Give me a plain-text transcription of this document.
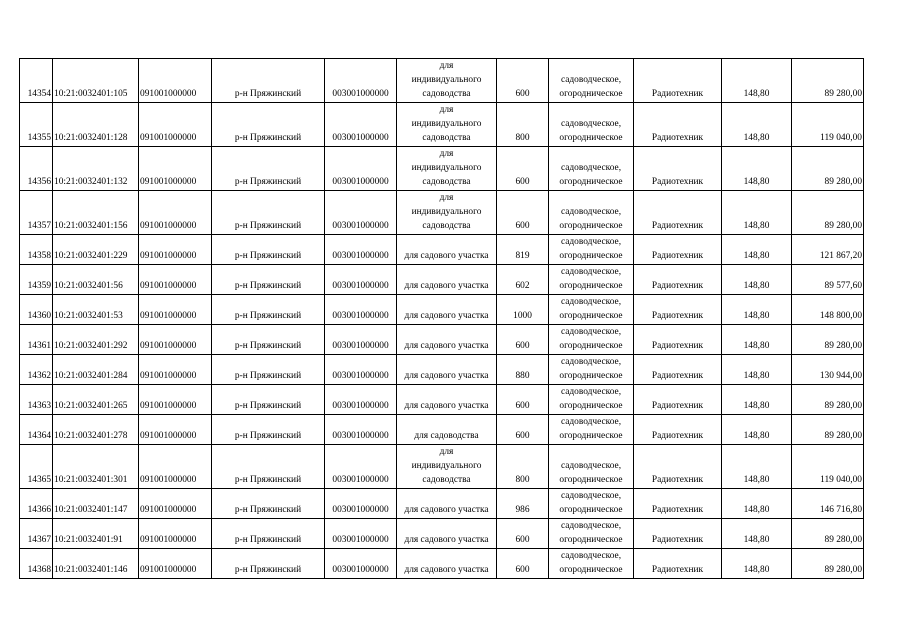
14354	10:21:0032401:105	091001000000	р-н Пряжинский	003001000000	для
индивидуального
садоводства	600	садоводческое,
огородническое	Радиотехник	148,80	89 280,00
14355	10:21:0032401:128	091001000000	р-н Пряжинский	003001000000	для
индивидуального
садоводства	800	садоводческое,
огородническое	Радиотехник	148,80	119 040,00
14356	10:21:0032401:132	091001000000	р-н Пряжинский	003001000000	для
индивидуального
садоводства	600	садоводческое,
огородническое	Радиотехник	148,80	89 280,00
14357	10:21:0032401:156	091001000000	р-н Пряжинский	003001000000	для
индивидуального
садоводства	600	садоводческое,
огородническое	Радиотехник	148,80	89 280,00
14358	10:21:0032401:229	091001000000	р-н Пряжинский	003001000000	для садового участка	819	садоводческое,
огородническое	Радиотехник	148,80	121 867,20
14359	10:21:0032401:56	091001000000	р-н Пряжинский	003001000000	для садового участка	602	садоводческое,
огородническое	Радиотехник	148,80	89 577,60
14360	10:21:0032401:53	091001000000	р-н Пряжинский	003001000000	для садового участка	1000	садоводческое,
огородническое	Радиотехник	148,80	148 800,00
14361	10:21:0032401:292	091001000000	р-н Пряжинский	003001000000	для садового участка	600	садоводческое,
огородническое	Радиотехник	148,80	89 280,00
14362	10:21:0032401:284	091001000000	р-н Пряжинский	003001000000	для садового участка	880	садоводческое,
огородническое	Радиотехник	148,80	130 944,00
14363	10:21:0032401:265	091001000000	р-н Пряжинский	003001000000	для садового участка	600	садоводческое,
огородническое	Радиотехник	148,80	89 280,00
14364	10:21:0032401:278	091001000000	р-н Пряжинский	003001000000	для садоводства	600	садоводческое,
огородническое	Радиотехник	148,80	89 280,00
14365	10:21:0032401:301	091001000000	р-н Пряжинский	003001000000	для
индивидуального
садоводства	800	садоводческое,
огородническое	Радиотехник	148,80	119 040,00
14366	10:21:0032401:147	091001000000	р-н Пряжинский	003001000000	для садового участка	986	садоводческое,
огородническое	Радиотехник	148,80	146 716,80
14367	10:21:0032401:91	091001000000	р-н Пряжинский	003001000000	для садового участка	600	садоводческое,
огородническое	Радиотехник	148,80	89 280,00
14368	10:21:0032401:146	091001000000	р-н Пряжинский	003001000000	для садового участка	600	садоводческое,
огородническое	Радиотехник	148,80	89 280,00
